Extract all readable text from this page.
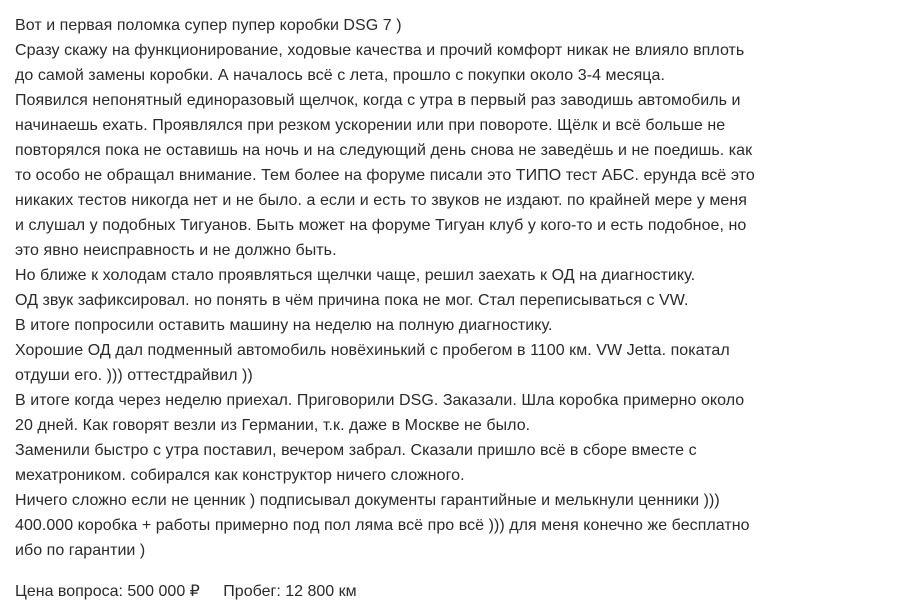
Вот и первая поломка супер пупер коробки DSG 7 )
Сразу скажу на функционирование, ходовые качества и прочий комфорт никак не влияло вплоть
до самой замены коробки. А началось всё с лета, прошло с покупки около 3-4 месяца.
Появился непонятный единоразовый щелчок, когда с утра в первый раз заводишь автомобиль и
начинаешь ехать. Проявлялся при резком ускорении или при повороте. Щёлк и всё больше не
повторялся пока не оставишь на ночь и на следующий день снова не заведёшь и не поедишь. как
то особо не обращал внимание. Тем более на форуме писали это ТИПО тест АБС. ерунда всё это
никаких тестов никогда нет и не было. а если и есть то звуков не издают. по крайней мере у меня
и слушал у подобных Тигуанов. Быть может на форуме Тигуан клуб у кого-то и есть подобное, но
это явно неисправность и не должно быть.
Но ближе к холодам стало проявляться щелчки чаще, решил заехать к ОД на диагностику.
ОД звук зафиксировал. но понять в чём причина пока не мог. Стал переписываться с VW.
В итоге попросили оставить машину на неделю на полную диагностику.
Хорошие ОД дал подменный автомобиль новёхинький с пробегом в 1100 км. VW Jetta. покатал
отдуши его. ))) оттестдрайвил ))
В итоге когда через неделю приехал. Приговорили DSG. Заказали. Шла коробка примерно около
20 дней. Как говорят везли из Германии, т.к. даже в Москве не было.
Заменили быстро с утра поставил, вечером забрал. Сказали пришло всё в сборе вместе с
мехатроником. собирался как конструктор ничего сложного.
Ничего сложно если не ценник ) подписывал документы гарантийные и мелькнули ценники )))
400.000 коробка + работы примерно под пол ляма всё про всё ))) для меня конечно же бесплатно
ибо по гарантии )
Цена вопроса: 500 000 ₽ Пробег: 12 800 км
